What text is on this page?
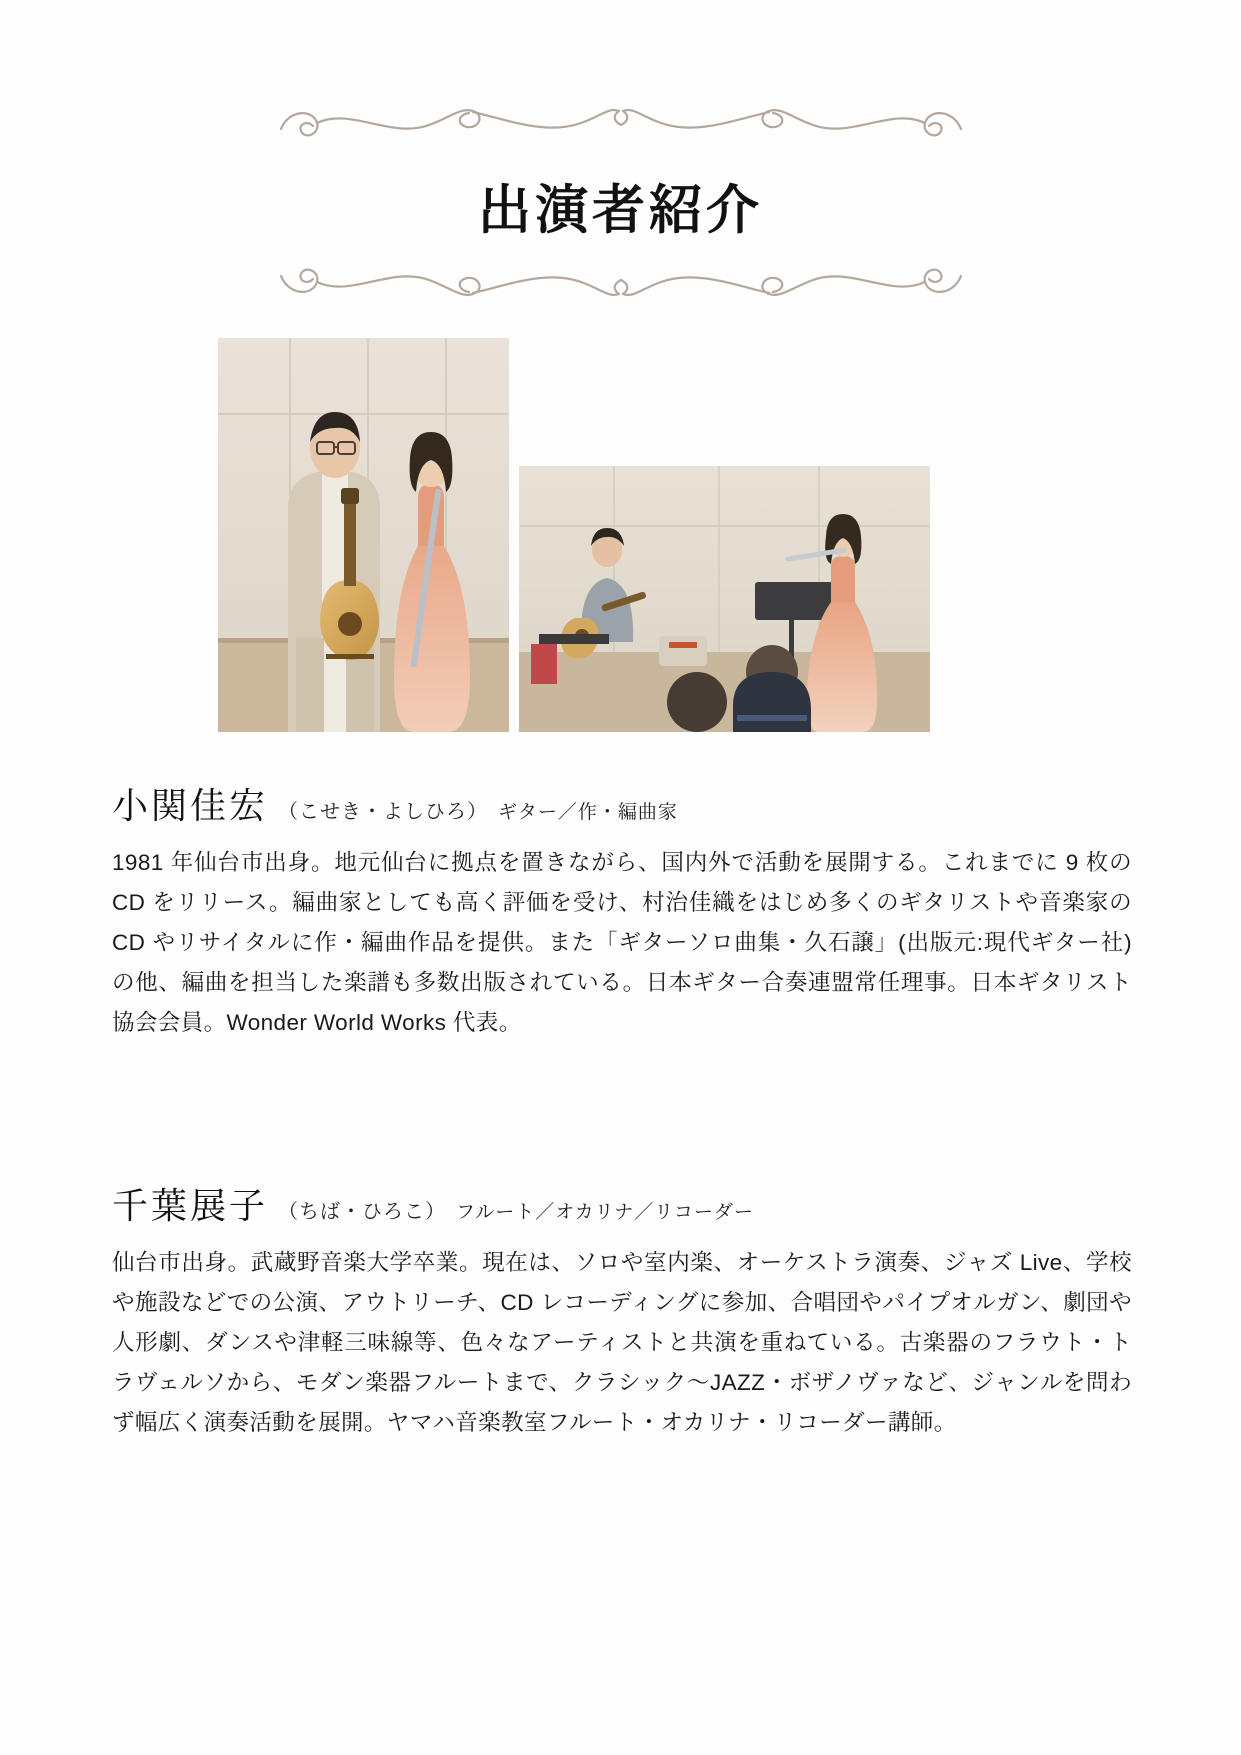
出演者紹介
小関佳宏 （こせき・よしひろ） ギター／作・編曲家

1981 年仙台市出身。地元仙台に拠点を置きながら、国内外で活動を展開する。これまでに 9 枚の CD をリリース。編曲家としても高く評価を受け、村治佳織をはじめ多くのギタリストや音楽家の CD やリサイタルに作・編曲作品を提供。また「ギターソロ曲集・久石譲」(出版元:現代ギター社)の他、編曲を担当した楽譜も多数出版されている。日本ギター合奏連盟常任理事。日本ギタリスト協会会員。Wonder World Works 代表。

千葉展子 （ちば・ひろこ） フルート／オカリナ／リコーダー

仙台市出身。武蔵野音楽大学卒業。現在は、ソロや室内楽、オーケストラ演奏、ジャズ Live、学校や施設などでの公演、アウトリーチ、CD レコーディングに参加、合唱団やパイプオルガン、劇団や人形劇、ダンスや津軽三味線等、色々なアーティストと共演を重ねている。古楽器のフラウト・トラヴェルソから、モダン楽器フルートまで、クラシック〜JAZZ・ボザノヴァなど、ジャンルを問わず幅広く演奏活動を展開。ヤマハ音楽教室フルート・オカリナ・リコーダー講師。
